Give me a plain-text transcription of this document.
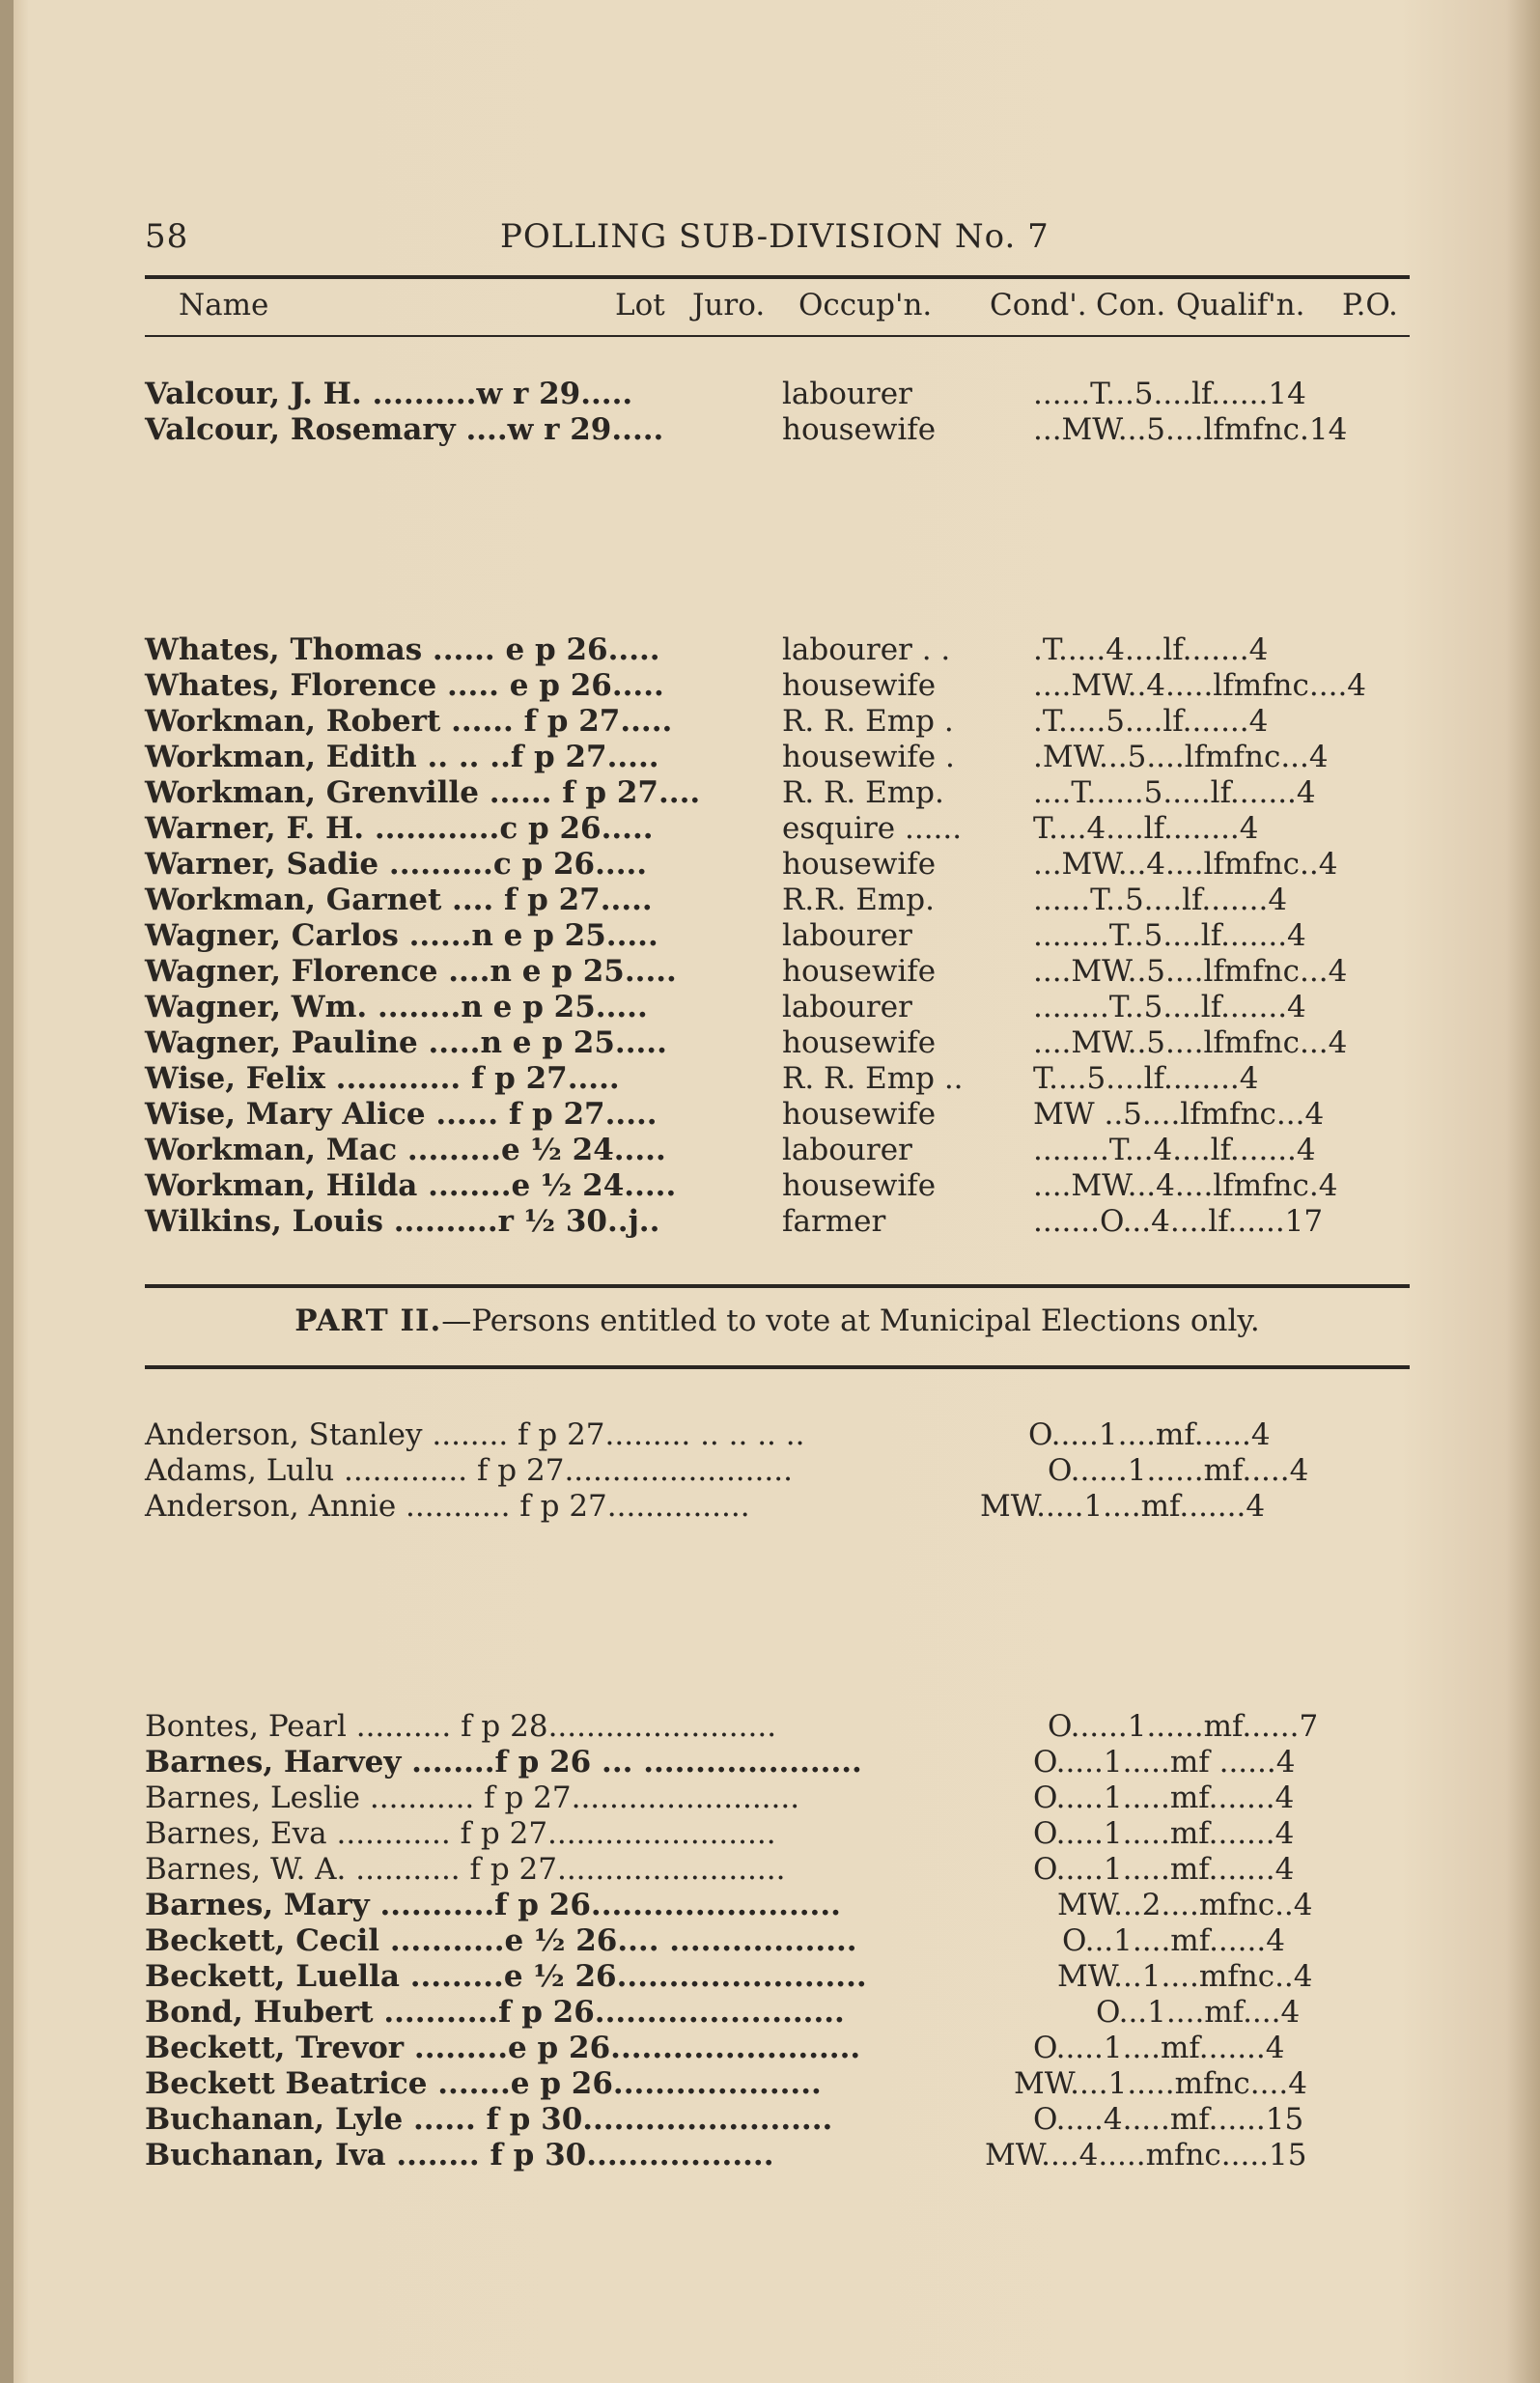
58	POLLING SUB-DIVISION No. 7
Name	Lot Juro. Occup'n. Cond'. Con. Qualif'n. P.O.
Valcour, J. H. ..........w r 29.....	labourer	......T...5....lf......14
Valcour, Rosemary ....w r 29.....	housewife	...MW...5....lfmfnc.14
Whates, Thomas ...... e p 26.....	labourer . .	.T.....4....lf.......4
Whates, Florence ..... e p 26.....	housewife	....MW..4.....lfmfnc....4
Workman, Robert ...... f p 27.....	R. R. Emp .	.T.....5....lf.......4
Workman, Edith .. .. ..f p 27.....	housewife .	.MW...5....lfmfnc...4
Workman, Grenville ...... f p 27....	R. R. Emp.	....T......5.....lf.......4
Warner, F. H. ............c p 26.....	esquire ...... T....4....lf........4
Warner, Sadie ..........c p 26.....	housewife	...MW...4....lfmfnc..4
Workman, Garnet .... f p 27.....	R.R. Emp.	......T..5....lf.......4
Wagner, Carlos ......n e p 25.....	labourer	........T..5....lf.......4
Wagner, Florence ....n e p 25.....	housewife	....MW..5....lfmfnc...4
Wagner, Wm. ........n e p 25.....	labourer	........T..5....lf.......4
Wagner, Pauline .....n e p 25.....	housewife	....MW..5....lfmfnc...4
Wise, Felix ............ f p 27.....	R. R. Emp .. T....5....lf........4
Wise, Mary Alice ...... f p 27.....	housewife	MW ..5....lfmfnc...4
Workman, Mac .........e ½ 24.....	labourer	........T...4....lf.......4
Workman, Hilda ........e ½ 24.....	housewife	....MW...4....lfmfnc.4
Wilkins, Louis ..........r ½ 30..j..	farmer	.......O...4....lf......17
PART II.—Persons entitled to vote at Municipal Elections only.
Anderson, Stanley ........ f p 27......... .. .. .. ..	O.....1....mf......4
Adams, Lulu ............. f p 27........................	O......1......mf.....4
Anderson, Annie ........... f p 27...............	MW.....1....mf.......4
Bontes, Pearl .......... f p 28........................	O......1......mf......7
Barnes, Harvey ........f p 26 ... .....................	O.....1.....mf ......4
Barnes, Leslie ........... f p 27........................	O.....1.....mf.......4
Barnes, Eva ............ f p 27........................	O.....1.....mf.......4
Barnes, W. A. ........... f p 27........................	O.....1.....mf.......4
Barnes, Mary ...........f p 26........................	MW...2....mfnc..4
Beckett, Cecil ...........e ½ 26.... ..................	O...1....mf......4
Beckett, Luella .........e ½ 26........................	MW...1....mfnc..4
Bond, Hubert ...........f p 26........................	O...1....mf....4
Beckett, Trevor .........e p 26........................	O.....1....mf.......4
Beckett Beatrice .......e p 26....................	MW....1.....mfnc....4
Buchanan, Lyle ...... f p 30........................	O.....4.....mf......15
Buchanan, Iva ........ f p 30..................	MW....4.....mfnc.....15
